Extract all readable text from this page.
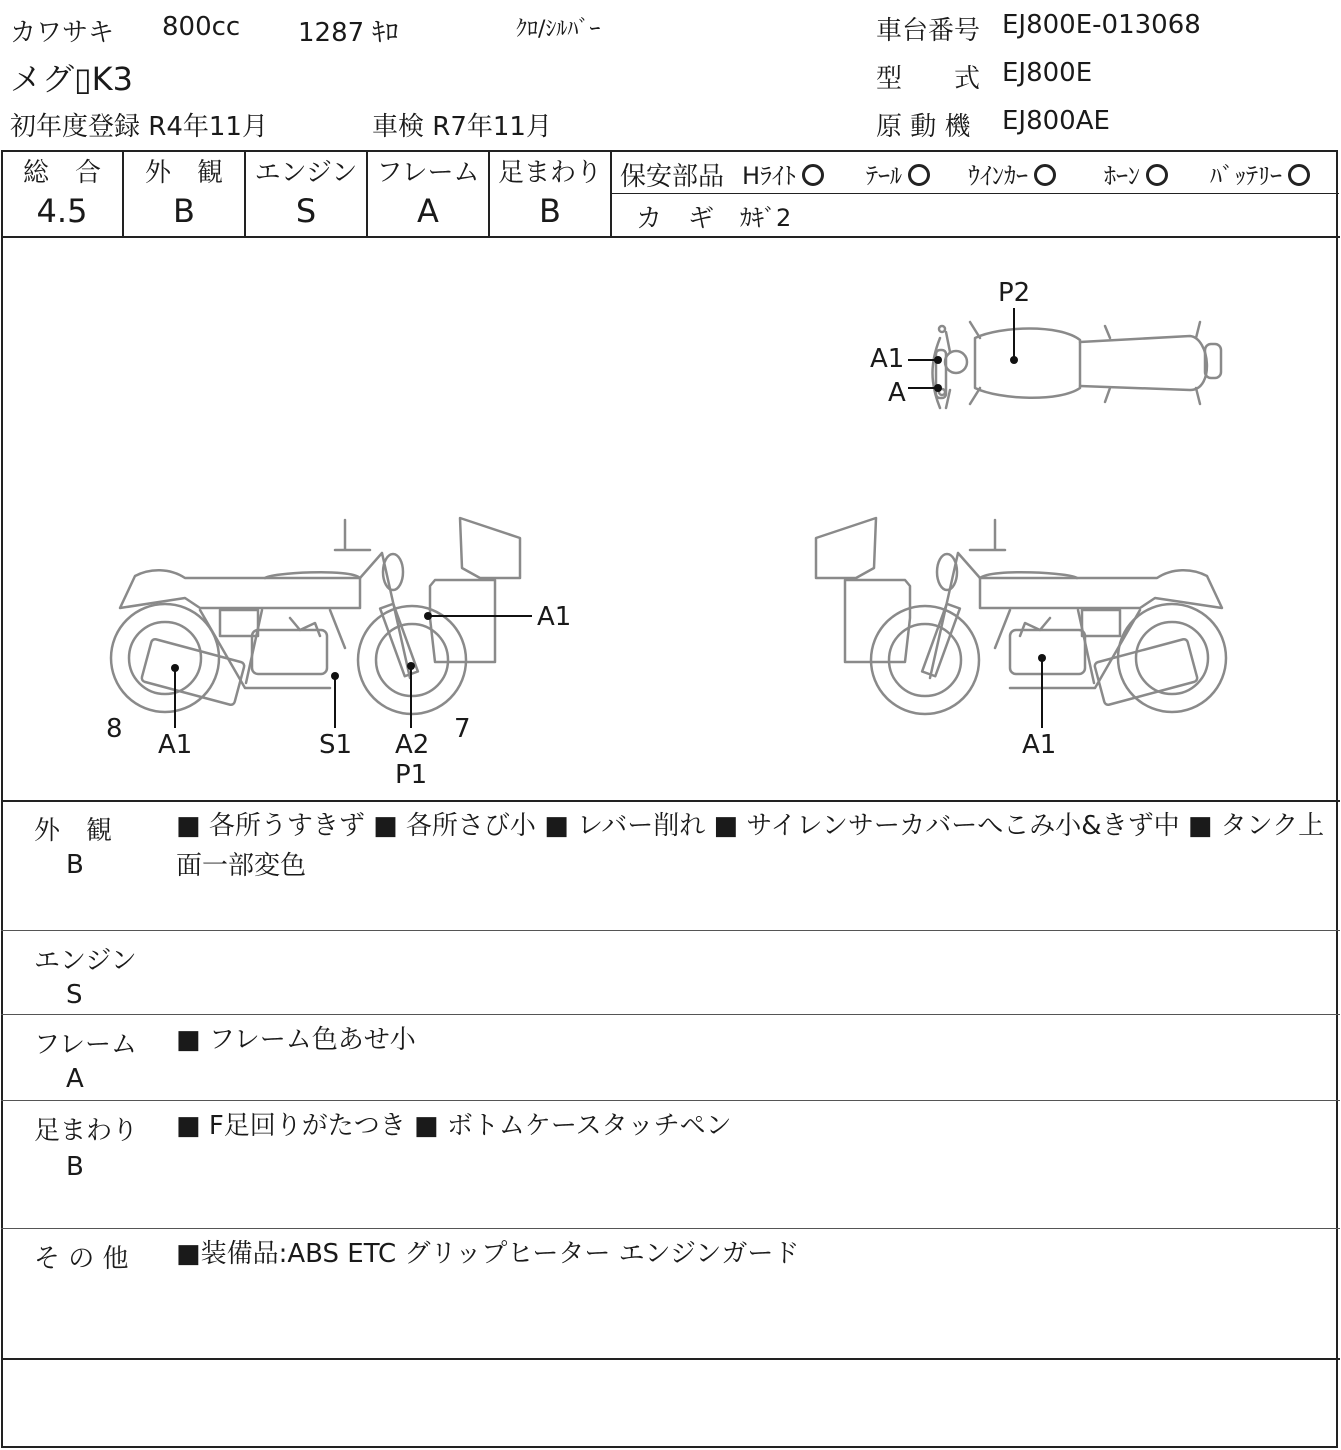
カワサキ 800cc 1287 ｷﾛ	ｸﾛ/ｼﾙﾊﾞｰ
メグ▯K3
初年度登録 R4年11月	車検 R7年11月
車台番号 EJ800E-013068
型　　式 EJ800E
原 動 機 EJ800AE
総　合
4.5
外　観
B
エンジン
S
フレーム
A
足まわり
B
保安部品 Hﾗｲﾄ	ﾃｰﾙ	ｳｲﾝｶｰ	ﾎｰﾝ	ﾊﾞｯﾃﾘｰ
カ　ギ ｶｷﾞ2
P2
A1
A
A1
8
A1	S1 A2
P1
7
A1
外　観
B
■ 各所うすきず ■ 各所さび小 ■ レバー削れ ■ サイレンサーカバーへこみ小&きず中 ■ タンク上面一部変色
エンジン
S
フレーム
A
■ フレーム色あせ小
足まわり
B
■ F足回りがたつき ■ ボトムケースタッチペン
そ の 他 ■装備品:ABS ETC グリップヒーター エンジンガード
